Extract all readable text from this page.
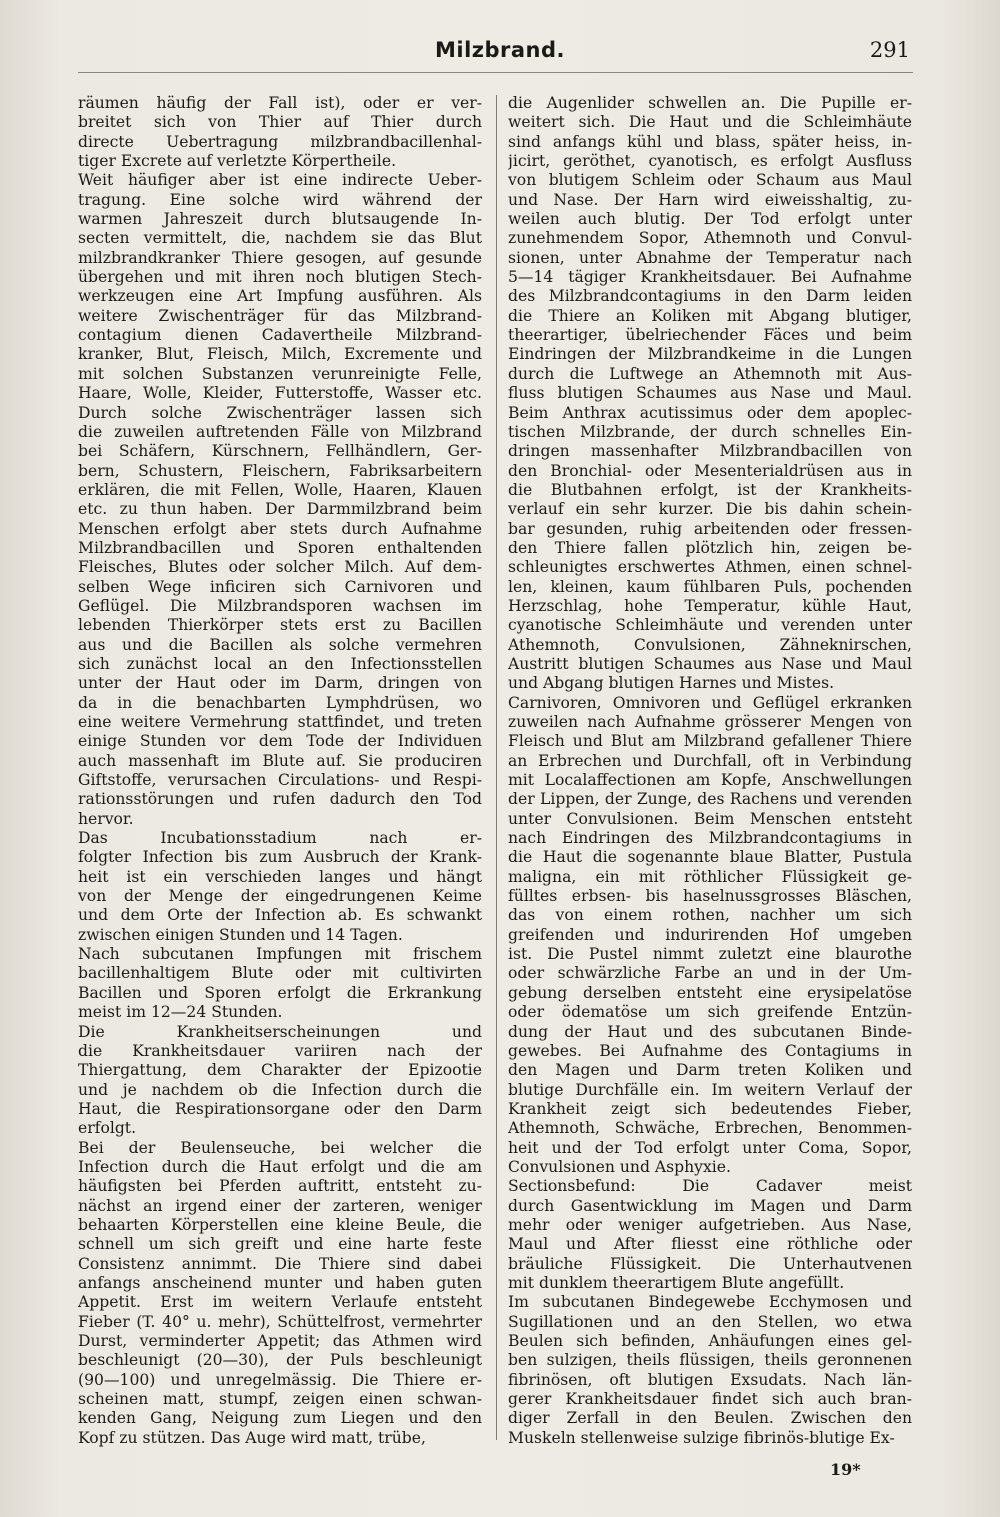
Milzbrand.	291
räumen häufig der Fall ist), oder er ver-
breitet sich von Thier auf Thier durch
directe Uebertragung milzbrandbacillenhal-
tiger Excrete auf verletzte Körpertheile.
Weit häufiger aber ist eine indirecte Ueber-
tragung. Eine solche wird während der
warmen Jahreszeit durch blutsaugende In-
secten vermittelt, die, nachdem sie das Blut
milzbrandkranker Thiere gesogen, auf gesunde
übergehen und mit ihren noch blutigen Stech-
werkzeugen eine Art Impfung ausführen. Als
weitere Zwischenträger für das Milzbrand-
contagium dienen Cadavertheile Milzbrand-
kranker, Blut, Fleisch, Milch, Excremente und
mit solchen Substanzen verunreinigte Felle,
Haare, Wolle, Kleider, Futterstoffe, Wasser etc.
Durch solche Zwischenträger lassen sich
die zuweilen auftretenden Fälle von Milzbrand
bei Schäfern, Kürschnern, Fellhändlern, Ger-
bern, Schustern, Fleischern, Fabriksarbeitern
erklären, die mit Fellen, Wolle, Haaren, Klauen
etc. zu thun haben. Der Darmmilzbrand beim
Menschen erfolgt aber stets durch Aufnahme
Milzbrandbacillen und Sporen enthaltenden
Fleisches, Blutes oder solcher Milch. Auf dem-
selben Wege inficiren sich Carnivoren und
Geflügel. Die Milzbrandsporen wachsen im
lebenden Thierkörper stets erst zu Bacillen
aus und die Bacillen als solche vermehren
sich zunächst local an den Infectionsstellen
unter der Haut oder im Darm, dringen von
da in die benachbarten Lymphdrüsen, wo
eine weitere Vermehrung stattfindet, und treten
einige Stunden vor dem Tode der Individuen
auch massenhaft im Blute auf. Sie produciren
Giftstoffe, verursachen Circulations- und Respi-
rationsstörungen und rufen dadurch den Tod
hervor.
Das Incubationsstadium nach er-
folgter Infection bis zum Ausbruch der Krank-
heit ist ein verschieden langes und hängt
von der Menge der eingedrungenen Keime
und dem Orte der Infection ab. Es schwankt
zwischen einigen Stunden und 14 Tagen.
Nach subcutanen Impfungen mit frischem
bacillenhaltigem Blute oder mit cultivirten
Bacillen und Sporen erfolgt die Erkrankung
meist im 12—24 Stunden.
Die Krankheitserscheinungen und
die Krankheitsdauer variiren nach der
Thiergattung, dem Charakter der Epizootie
und je nachdem ob die Infection durch die
Haut, die Respirationsorgane oder den Darm
erfolgt.
Bei der Beulenseuche, bei welcher die
Infection durch die Haut erfolgt und die am
häufigsten bei Pferden auftritt, entsteht zu-
nächst an irgend einer der zarteren, weniger
behaarten Körperstellen eine kleine Beule, die
schnell um sich greift und eine harte feste
Consistenz annimmt. Die Thiere sind dabei
anfangs anscheinend munter und haben guten
Appetit. Erst im weitern Verlaufe entsteht
Fieber (T. 40° u. mehr), Schüttelfrost, vermehrter
Durst, verminderter Appetit; das Athmen wird
beschleunigt (20—30), der Puls beschleunigt
(90—100) und unregelmässig. Die Thiere er-
scheinen matt, stumpf, zeigen einen schwan-
kenden Gang, Neigung zum Liegen und den
Kopf zu stützen. Das Auge wird matt, trübe,
die Augenlider schwellen an. Die Pupille er-
weitert sich. Die Haut und die Schleimhäute
sind anfangs kühl und blass, später heiss, in-
jicirt, geröthet, cyanotisch, es erfolgt Ausfluss
von blutigem Schleim oder Schaum aus Maul
und Nase. Der Harn wird eiweisshaltig, zu-
weilen auch blutig. Der Tod erfolgt unter
zunehmendem Sopor, Athemnoth und Convul-
sionen, unter Abnahme der Temperatur nach
5—14 tägiger Krankheitsdauer. Bei Aufnahme
des Milzbrandcontagiums in den Darm leiden
die Thiere an Koliken mit Abgang blutiger,
theerartiger, übelriechender Fäces und beim
Eindringen der Milzbrandkeime in die Lungen
durch die Luftwege an Athemnoth mit Aus-
fluss blutigen Schaumes aus Nase und Maul.
Beim Anthrax acutissimus oder dem apoplec-
tischen Milzbrande, der durch schnelles Ein-
dringen massenhafter Milzbrandbacillen von
den Bronchial- oder Mesenterialdrüsen aus in
die Blutbahnen erfolgt, ist der Krankheits-
verlauf ein sehr kurzer. Die bis dahin schein-
bar gesunden, ruhig arbeitenden oder fressen-
den Thiere fallen plötzlich hin, zeigen be-
schleunigtes erschwertes Athmen, einen schnel-
len, kleinen, kaum fühlbaren Puls, pochenden
Herzschlag, hohe Temperatur, kühle Haut,
cyanotische Schleimhäute und verenden unter
Athemnoth, Convulsionen, Zähneknirschen,
Austritt blutigen Schaumes aus Nase und Maul
und Abgang blutigen Harnes und Mistes.
Carnivoren, Omnivoren und Geflügel erkranken
zuweilen nach Aufnahme grösserer Mengen von
Fleisch und Blut am Milzbrand gefallener Thiere
an Erbrechen und Durchfall, oft in Verbindung
mit Localaffectionen am Kopfe, Anschwellungen
der Lippen, der Zunge, des Rachens und verenden
unter Convulsionen. Beim Menschen entsteht
nach Eindringen des Milzbrandcontagiums in
die Haut die sogenannte blaue Blatter, Pustula
maligna, ein mit röthlicher Flüssigkeit ge-
fülltes erbsen- bis haselnussgrosses Bläschen,
das von einem rothen, nachher um sich
greifenden und indurirenden Hof umgeben
ist. Die Pustel nimmt zuletzt eine blaurothe
oder schwärzliche Farbe an und in der Um-
gebung derselben entsteht eine erysipelatöse
oder ödematöse um sich greifende Entzün-
dung der Haut und des subcutanen Binde-
gewebes. Bei Aufnahme des Contagiums in
den Magen und Darm treten Koliken und
blutige Durchfälle ein. Im weitern Verlauf der
Krankheit zeigt sich bedeutendes Fieber,
Athemnoth, Schwäche, Erbrechen, Benommen-
heit und der Tod erfolgt unter Coma, Sopor,
Convulsionen und Asphyxie.
Sectionsbefund: Die Cadaver meist
durch Gasentwicklung im Magen und Darm
mehr oder weniger aufgetrieben. Aus Nase,
Maul und After fliesst eine röthliche oder
bräuliche Flüssigkeit. Die Unterhautvenen
mit dunklem theerartigem Blute angefüllt.
Im subcutanen Bindegewebe Ecchymosen und
Sugillationen und an den Stellen, wo etwa
Beulen sich befinden, Anhäufungen eines gel-
ben sulzigen, theils flüssigen, theils geronnenen
fibrinösen, oft blutigen Exsudats. Nach län-
gerer Krankheitsdauer findet sich auch bran-
diger Zerfall in den Beulen. Zwischen den
Muskeln stellenweise sulzige fibrinös-blutige Ex-
19*
